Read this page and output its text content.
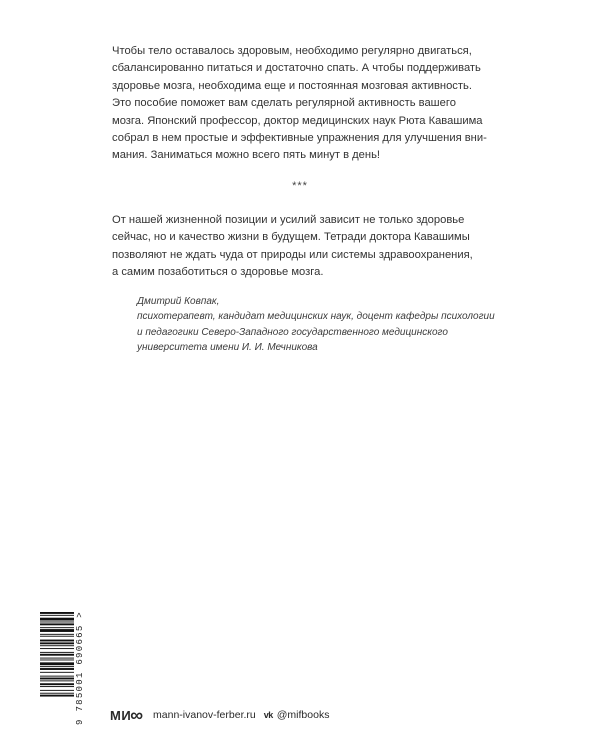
Чтобы тело оставалось здоровым, необходимо регулярно двигаться,
сбалансированно питаться и достаточно спать. А чтобы поддерживать
здоровье мозга, необходима еще и постоянная мозговая активность.
Это пособие поможет вам сделать регулярной активность вашего
мозга. Японский профессор, доктор медицинских наук Рюта Кавашима
собрал в нем простые и эффективные упражнения для улучшения вни-
мания. Заниматься можно всего пять минут в день!

***

От нашей жизненной позиции и усилий зависит не только здоровье
сейчас, но и качество жизни в будущем. Тетради доктора Кавашимы
позволяют не ждать чуда от природы или системы здравоохранения,
а самим позаботиться о здоровье мозга.

Дмитрий Ковпак,
психотерапевт, кандидат медицинских наук, доцент кафедры психологии
и педагогики Северо-Западного государственного медицинского
университета имени И. И. Мечникова
9 785001 690665 > МИ ∞ mann-ivanov-ferber.ru vk @mifbooks
